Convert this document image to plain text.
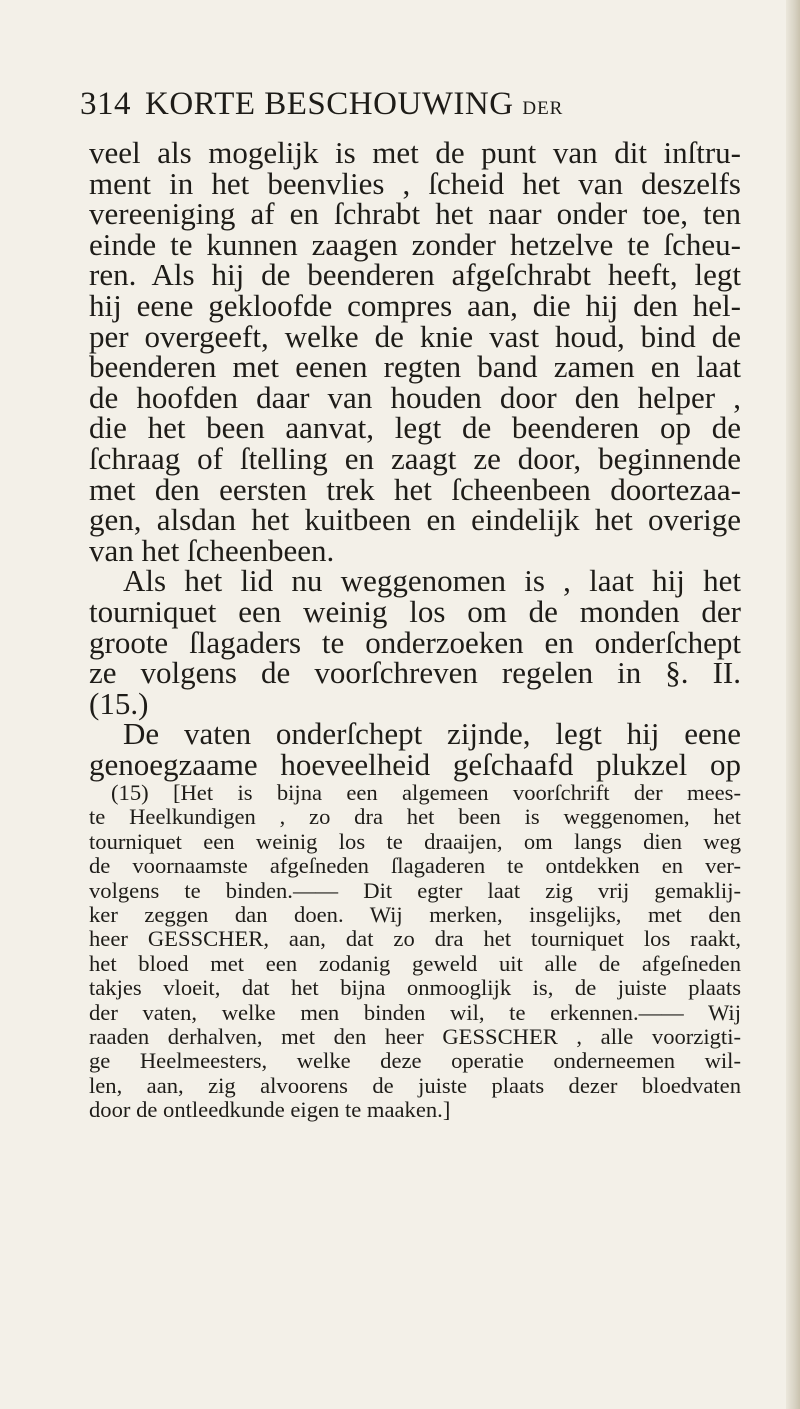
314 KORTE BESCHOUWING DER
veel als mogelijk is met de punt van dit inſtru-
ment in het beenvlies , ſcheid het van deszelfs
vereeniging af en ſchrabt het naar onder toe, ten
einde te kunnen zaagen zonder hetzelve te ſcheu-
ren. Als hij de beenderen afgeſchrabt heeft, legt
hij eene gekloofde compres aan, die hij den hel-
per overgeeft, welke de knie vast houd, bind de
beenderen met eenen regten band zamen en laat
de hoofden daar van houden door den helper ,
die het been aanvat, legt de beenderen op de
ſchraag of ſtelling en zaagt ze door, beginnende
met den eersten trek het ſcheenbeen doortezaa-
gen, alsdan het kuitbeen en eindelijk het overige
van het ſcheenbeen.
Als het lid nu weggenomen is , laat hij het
tourniquet een weinig los om de monden der
groote ſlagaders te onderzoeken en onderſchept
ze volgens de voorſchreven regelen in §. II.
(15.)
De vaten onderſchept zijnde, legt hij eene
genoegzaame hoeveelheid geſchaafd plukzel op
(15) [Het is bijna een algemeen voorſchrift der mees-
te Heelkundigen , zo dra het been is weggenomen, het
tourniquet een weinig los te draaijen, om langs dien weg
de voornaamste afgeſneden ſlagaderen te ontdekken en ver-
volgens te binden.—— Dit egter laat zig vrij gemaklij-
ker zeggen dan doen. Wij merken, insgelijks, met den
heer GESSCHER, aan, dat zo dra het tourniquet los raakt,
het bloed met een zodanig geweld uit alle de afgeſneden
takjes vloeit, dat het bijna onmooglijk is, de juiste plaats
der vaten, welke men binden wil, te erkennen.—— Wij
raaden derhalven, met den heer GESSCHER , alle voorzigti-
ge Heelmeesters, welke deze operatie onderneemen wil-
len, aan, zig alvoorens de juiste plaats dezer bloedvaten
door de ontleedkunde eigen te maaken.]
